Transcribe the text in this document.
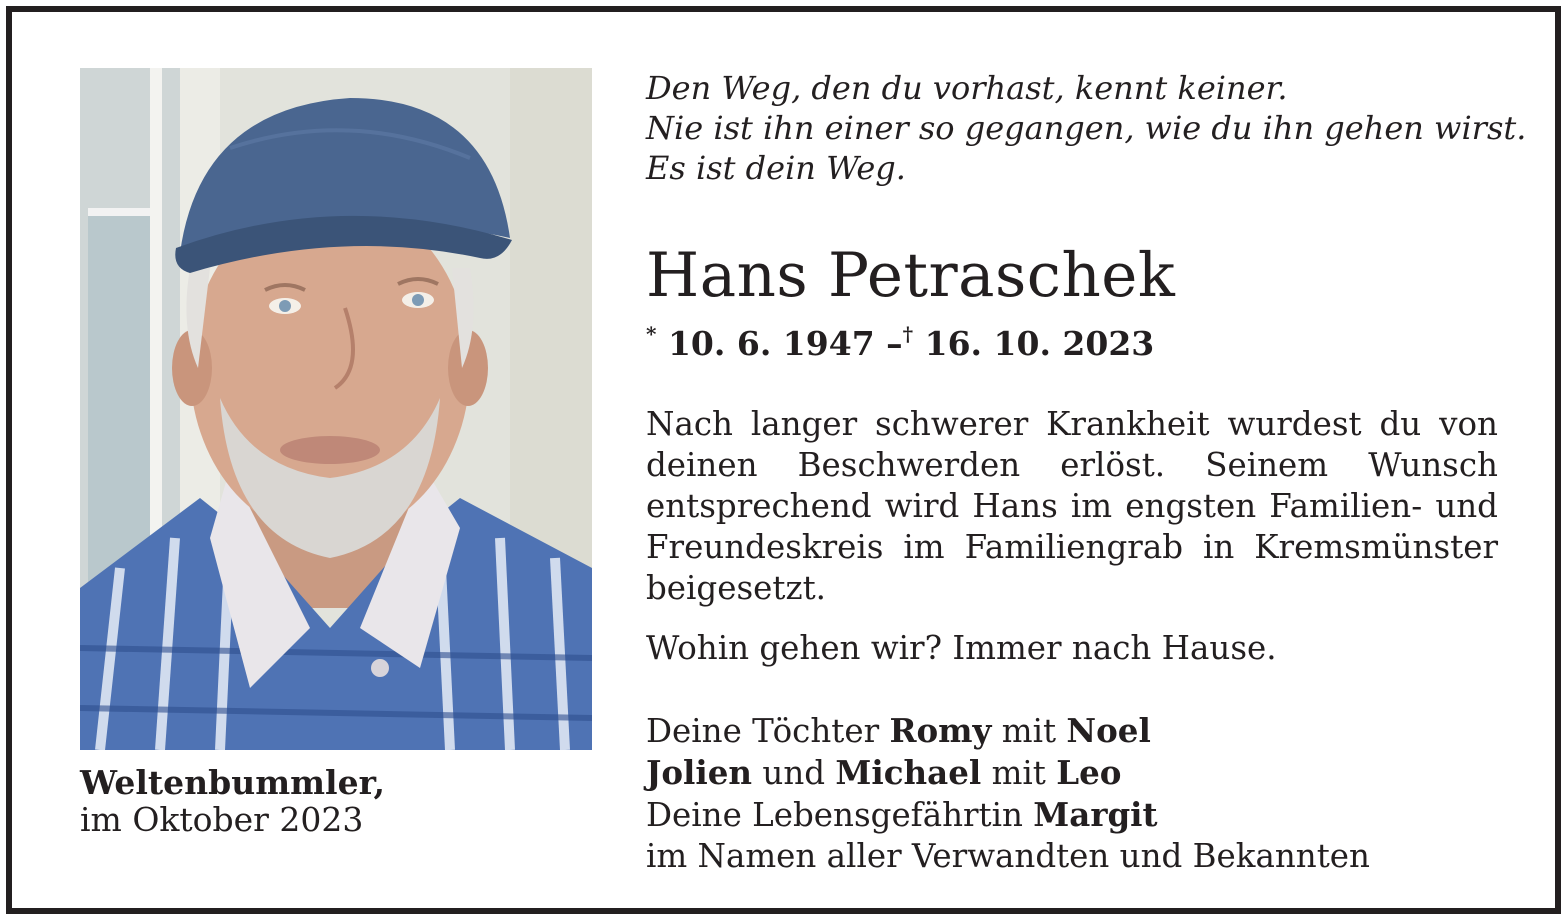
Weltenbummler,
im Oktober 2023
Den Weg, den du vorhast, kennt keiner.
Nie ist ihn einer so gegangen, wie du ihn gehen wirst.
Es ist dein Weg.
Hans Petraschek
* 10. 6. 1947 –† 16. 10. 2023
Nach langer schwerer Krankheit wurdest du von deinen Beschwerden erlöst. Seinem Wunsch entsprechend wird Hans im engsten Familien- und Freundeskreis im Familiengrab in Kremsmünster beigesetzt.
Wohin gehen wir? Immer nach Hause.
Deine Töchter Romy mit Noel
Jolien und Michael mit Leo
Deine Lebensgefährtin Margit
im Namen aller Verwandten und Bekannten
